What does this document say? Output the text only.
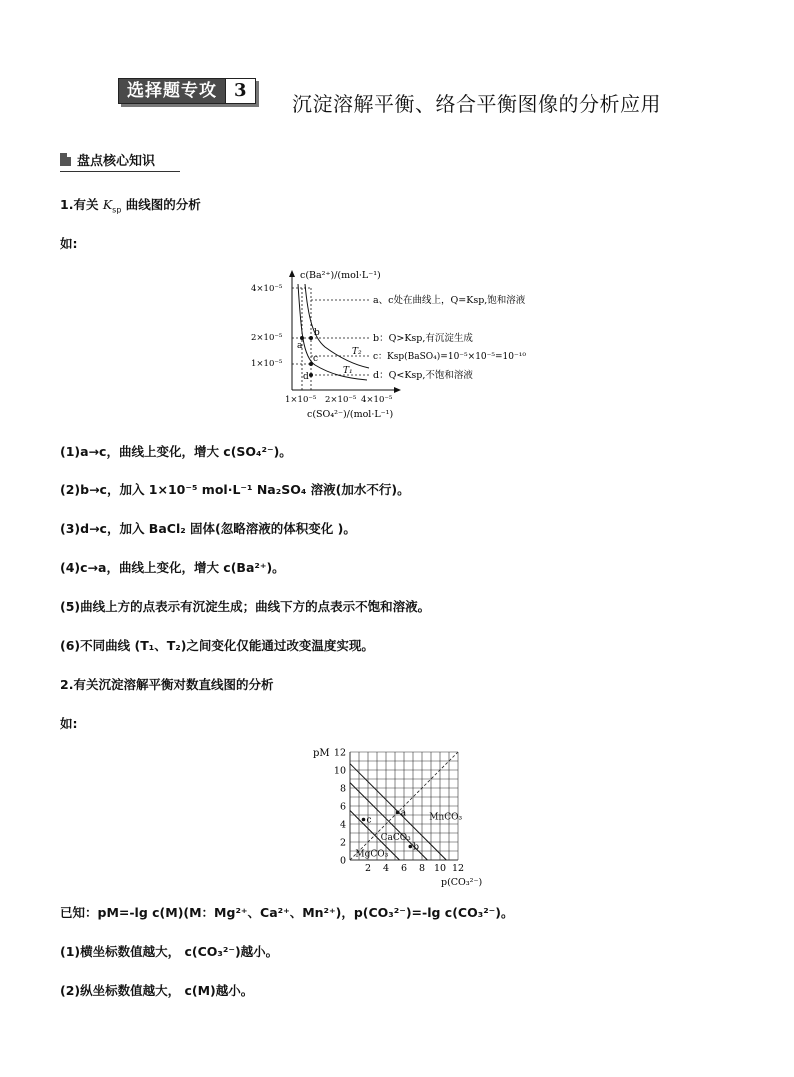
选择题专攻 3
沉淀溶解平衡、络合平衡图像的分析应用
盘点核心知识
1.有关 $K_{sp}$ 曲线图的分析
如:
c(Ba²⁺)/(mol·L⁻¹)
4×10⁻⁵
2×10⁻⁵
1×10⁻⁵
1×10⁻⁵ 2×10⁻⁵ 4×10⁻⁵
c(SO₄²⁻)/(mol·L⁻¹)
T₂
T₁
a
b
c
d
a、c处在曲线上，Q=Ksp,饱和溶液
b：Q>Ksp,有沉淀生成
c：Ksp(BaSO₄)=10⁻⁵×10⁻⁵=10⁻¹⁰
d：Q<Ksp,不饱和溶液
(1)a→c，曲线上变化，增大 c(SO₄²⁻)。
(2)b→c，加入 1×10⁻⁵ mol·L⁻¹ Na₂SO₄ 溶液(加水不行)。
(3)d→c，加入 BaCl₂ 固体(忽略溶液的体积变化 )。
(4)c→a，曲线上变化，增大 c(Ba²⁺)。
(5)曲线上方的点表示有沉淀生成；曲线下方的点表示不饱和溶液。
(6)不同曲线 (T₁、T₂)之间变化仅能通过改变温度实现。
2.有关沉淀溶解平衡对数直线图的分析
如:
MnCO₃
CaCO₃
MgCO₃
2 4 6 8 10 12
0
2
4
6
8
10
12
a
b
c
pM
p(CO₃²⁻)
已知：pM=-lg c(M)(M：Mg²⁺、Ca²⁺、Mn²⁺)，p(CO₃²⁻)=-lg c(CO₃²⁻)。
(1)横坐标数值越大， c(CO₃²⁻)越小。
(2)纵坐标数值越大， c(M)越小。
